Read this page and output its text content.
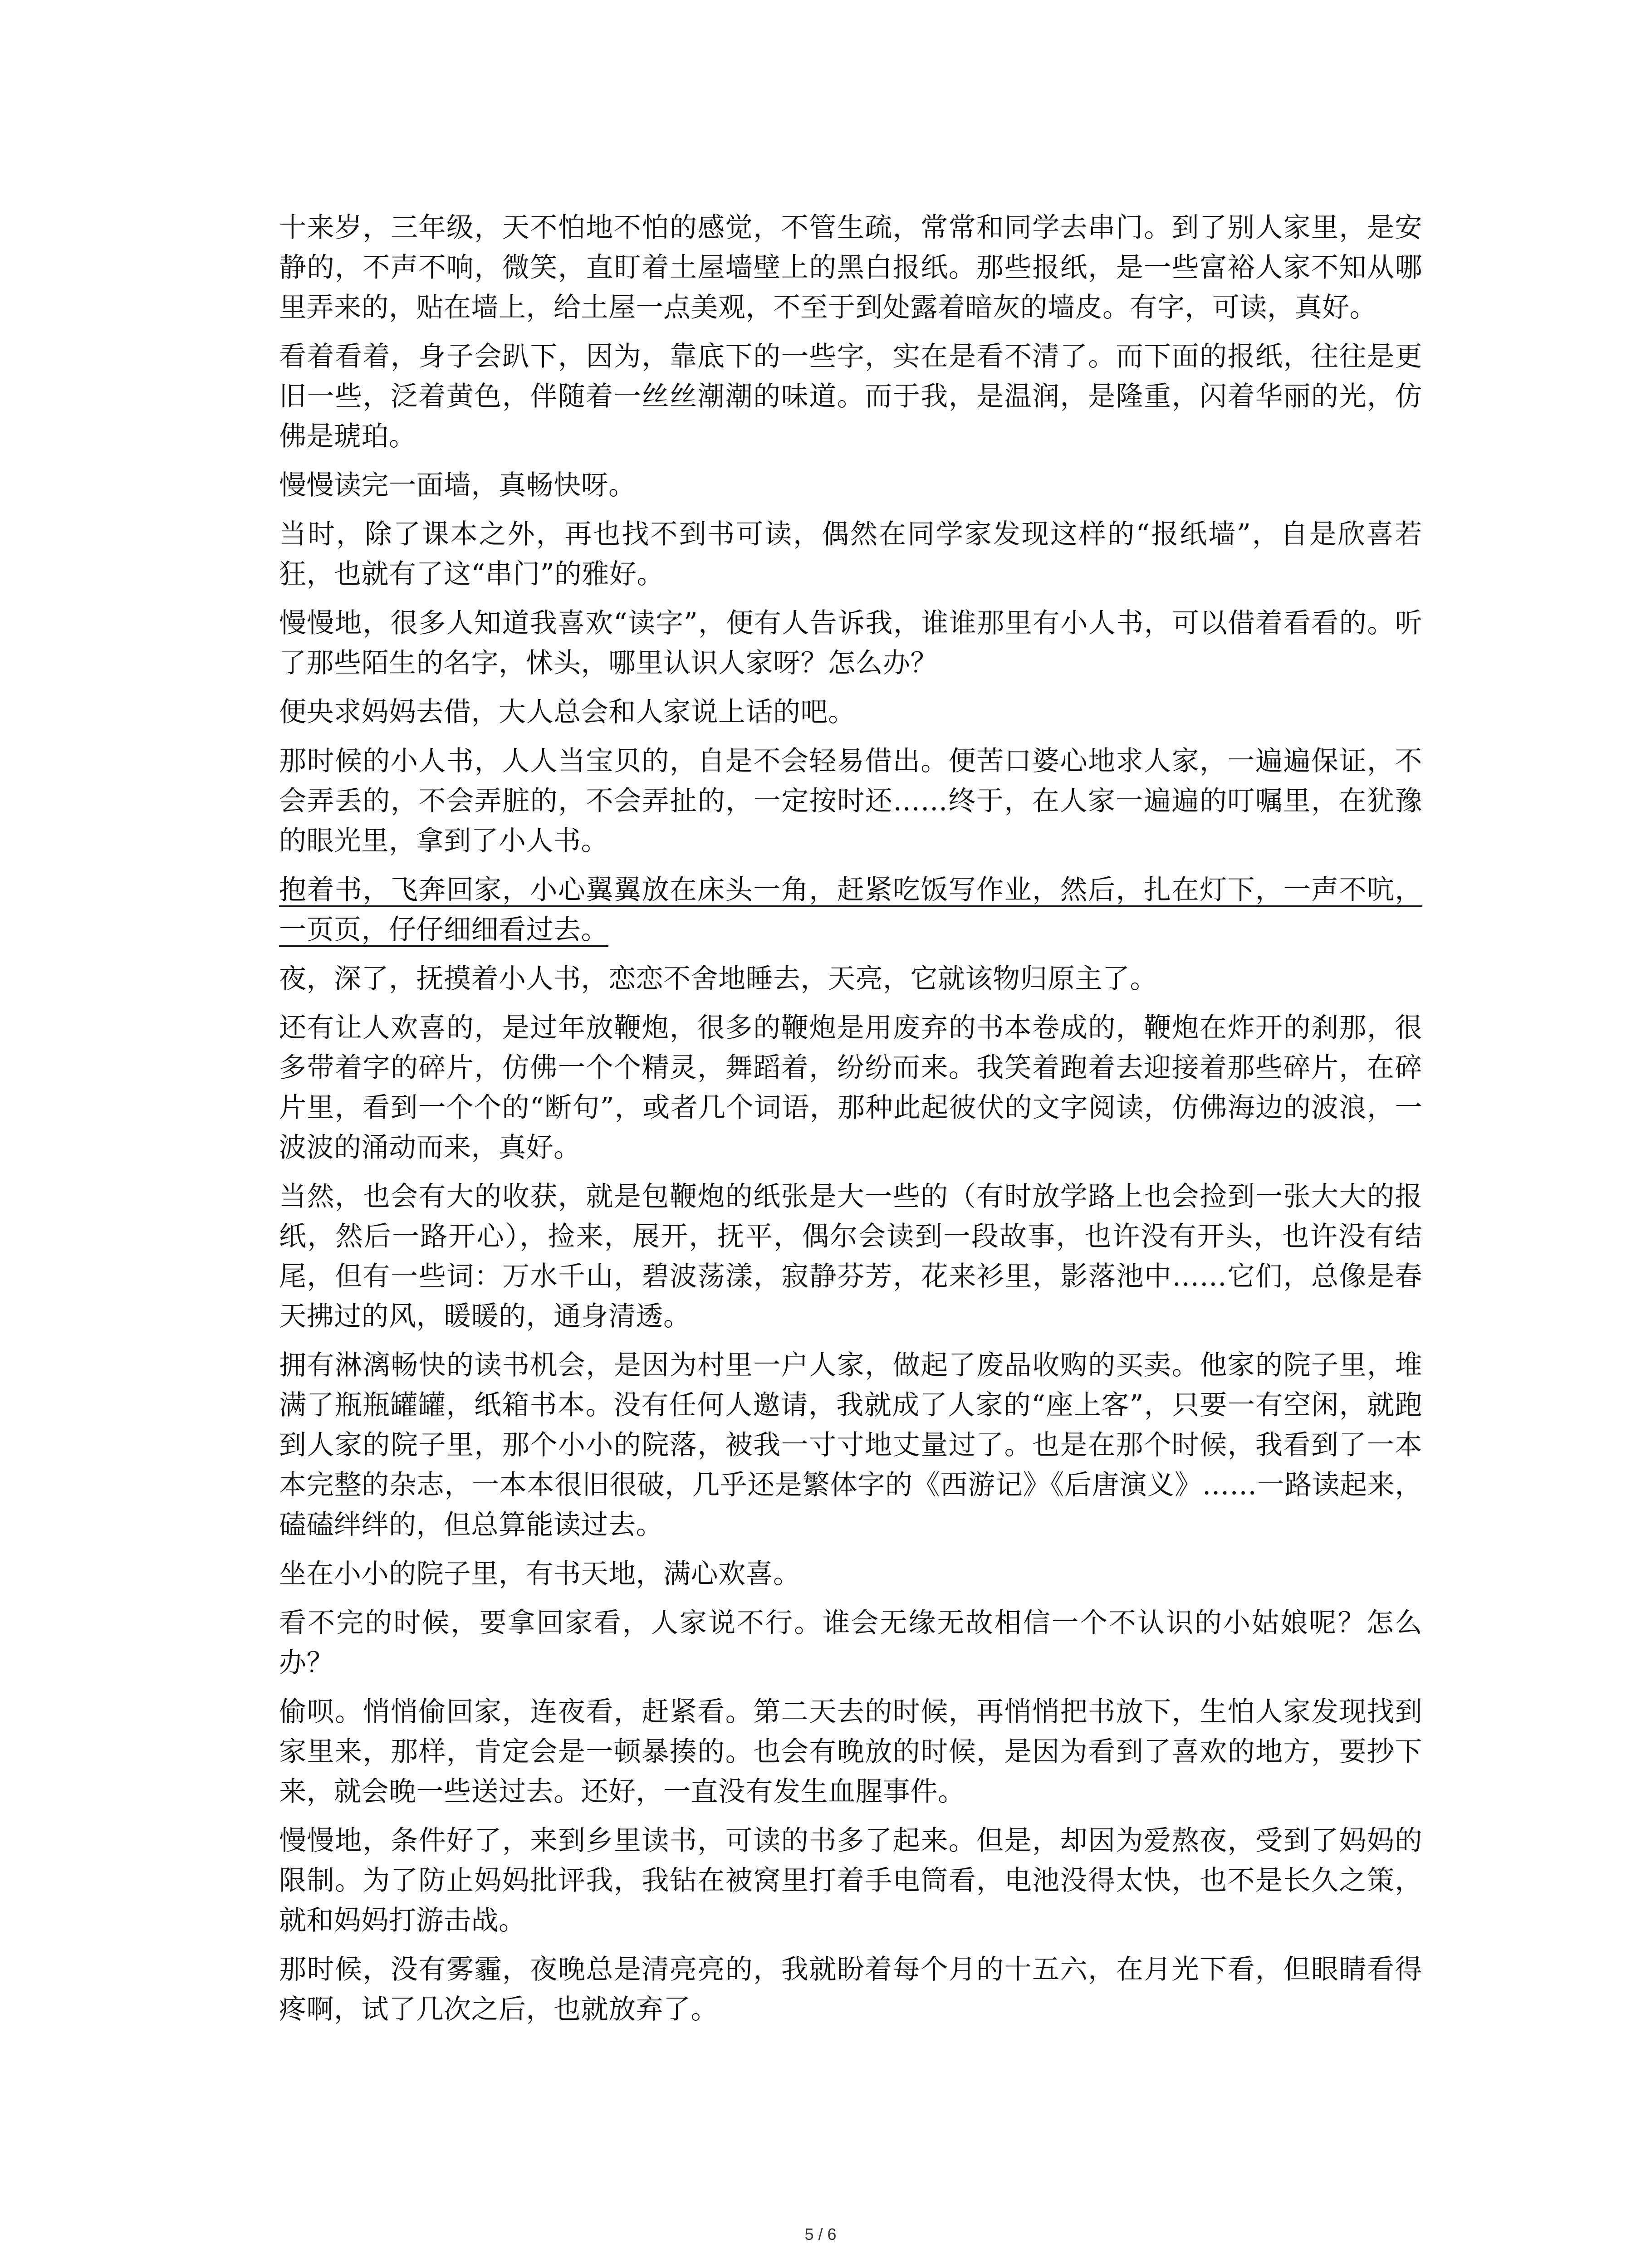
十来岁，三年级，天不怕地不怕的感觉，不管生疏，常常和同学去串门。到了别人家里，是安静的，不声不响，微笑，直盯着土屋墙壁上的黑白报纸。那些报纸，是一些富裕人家不知从哪里弄来的，贴在墙上，给土屋一点美观，不至于到处露着暗灰的墙皮。有字，可读，真好。

看着看着，身子会趴下，因为，靠底下的一些字，实在是看不清了。而下面的报纸，往往是更旧一些，泛着黄色，伴随着一丝丝潮潮的味道。而于我，是温润，是隆重，闪着华丽的光，仿佛是琥珀。

慢慢读完一面墙，真畅快呀。

当时，除了课本之外，再也找不到书可读，偶然在同学家发现这样的“报纸墙”，自是欣喜若狂，也就有了这“串门”的雅好。

慢慢地，很多人知道我喜欢“读字”，便有人告诉我，谁谁那里有小人书，可以借着看看的。听了那些陌生的名字，怵头，哪里认识人家呀？怎么办？

便央求妈妈去借，大人总会和人家说上话的吧。

那时候的小人书，人人当宝贝的，自是不会轻易借出。便苦口婆心地求人家，一遍遍保证，不会弄丢的，不会弄脏的，不会弄扯的，一定按时还……终于，在人家一遍遍的叮嘱里，在犹豫的眼光里，拿到了小人书。

抱着书，飞奔回家，小心翼翼放在床头一角，赶紧吃饭写作业，然后，扎在灯下，一声不吭，一页页，仔仔细细看过去。

夜，深了，抚摸着小人书，恋恋不舍地睡去，天亮，它就该物归原主了。

还有让人欢喜的，是过年放鞭炮，很多的鞭炮是用废弃的书本卷成的，鞭炮在炸开的刹那，很多带着字的碎片，仿佛一个个精灵，舞蹈着，纷纷而来。我笑着跑着去迎接着那些碎片，在碎片里，看到一个个的“断句”，或者几个词语，那种此起彼伏的文字阅读，仿佛海边的波浪，一波波的涌动而来，真好。

当然，也会有大的收获，就是包鞭炮的纸张是大一些的（有时放学路上也会捡到一张大大的报纸，然后一路开心），捡来，展开，抚平，偶尔会读到一段故事，也许没有开头，也许没有结尾，但有一些词：万水千山，碧波荡漾，寂静芬芳，花来衫里，影落池中……它们，总像是春天拂过的风，暖暖的，通身清透。

拥有淋漓畅快的读书机会，是因为村里一户人家，做起了废品收购的买卖。他家的院子里，堆满了瓶瓶罐罐，纸箱书本。没有任何人邀请，我就成了人家的“座上客”，只要一有空闲，就跑到人家的院子里，那个小小的院落，被我一寸寸地丈量过了。也是在那个时候，我看到了一本本完整的杂志，一本本很旧很破，几乎还是繁体字的《西游记》《后唐演义》……一路读起来，磕磕绊绊的，但总算能读过去。

坐在小小的院子里，有书天地，满心欢喜。

看不完的时候，要拿回家看，人家说不行。谁会无缘无故相信一个不认识的小姑娘呢？怎么办？

偷呗。悄悄偷回家，连夜看，赶紧看。第二天去的时候，再悄悄把书放下，生怕人家发现找到家里来，那样，肯定会是一顿暴揍的。也会有晚放的时候，是因为看到了喜欢的地方，要抄下来，就会晚一些送过去。还好，一直没有发生血腥事件。

慢慢地，条件好了，来到乡里读书，可读的书多了起来。但是，却因为爱熬夜，受到了妈妈的限制。为了防止妈妈批评我，我钻在被窝里打着手电筒看，电池没得太快，也不是长久之策，就和妈妈打游击战。

那时候，没有雾霾，夜晚总是清亮亮的，我就盼着每个月的十五六，在月光下看，但眼睛看得疼啊，试了几次之后，也就放弃了。

5 / 6
